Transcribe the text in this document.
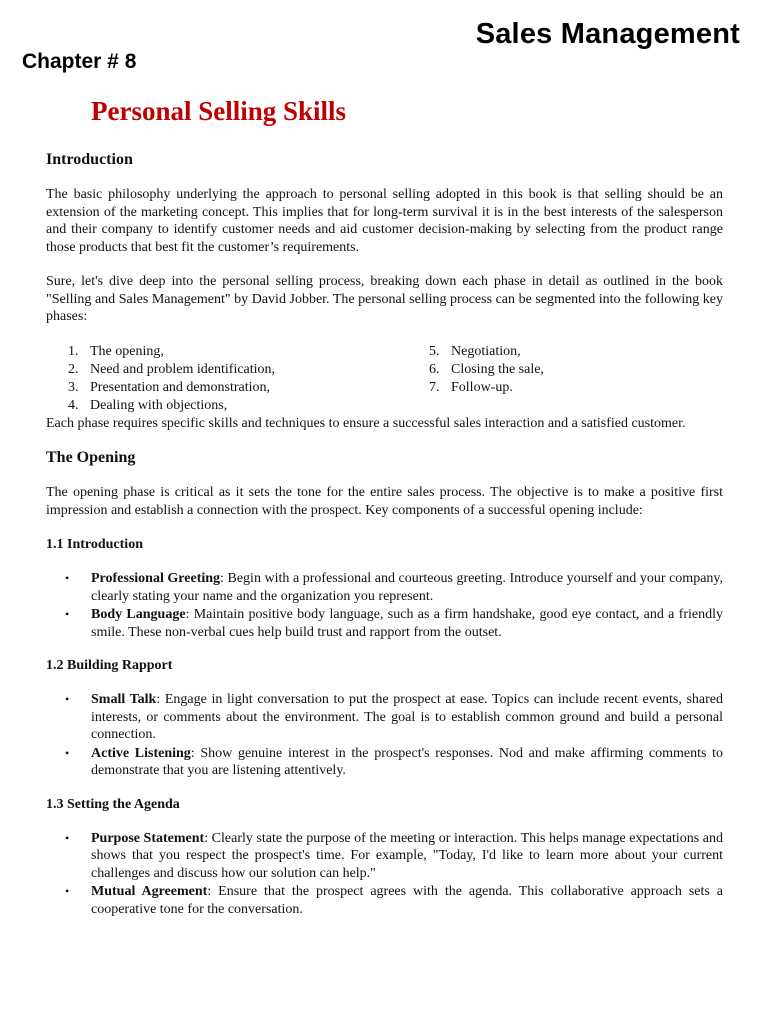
Sales Management
Chapter # 8
Personal Selling Skills
Introduction

The basic philosophy underlying the approach to personal selling adopted in this book is that selling should be an extension of the marketing concept. This implies that for long-term survival it is in the best interests of the salesperson and their company to identify customer needs and aid customer decision-making by selecting from the product range those products that best fit the customer’s requirements.

Sure, let's dive deep into the personal selling process, breaking down each phase in detail as outlined in the book "Selling and Sales Management" by David Jobber. The personal selling process can be segmented into the following key phases:

1. The opening,
2. Need and problem identification,
3. Presentation and demonstration,
4. Dealing with objections,
5. Negotiation,
6. Closing the sale,
7. Follow-up.

Each phase requires specific skills and techniques to ensure a successful sales interaction and a satisfied customer.

The Opening

The opening phase is critical as it sets the tone for the entire sales process. The objective is to make a positive first impression and establish a connection with the prospect. Key components of a successful opening include:

1.1 Introduction
• Professional Greeting: Begin with a professional and courteous greeting. Introduce yourself and your company, clearly stating your name and the organization you represent.
• Body Language: Maintain positive body language, such as a firm handshake, good eye contact, and a friendly smile. These non-verbal cues help build trust and rapport from the outset.
1.2 Building Rapport
• Small Talk: Engage in light conversation to put the prospect at ease. Topics can include recent events, shared interests, or comments about the environment. The goal is to establish common ground and build a personal connection.
• Active Listening: Show genuine interest in the prospect's responses. Nod and make affirming comments to demonstrate that you are listening attentively.
1.3 Setting the Agenda
• Purpose Statement: Clearly state the purpose of the meeting or interaction. This helps manage expectations and shows that you respect the prospect's time. For example, "Today, I'd like to learn more about your current challenges and discuss how our solution can help."
• Mutual Agreement: Ensure that the prospect agrees with the agenda. This collaborative approach sets a cooperative tone for the conversation.
